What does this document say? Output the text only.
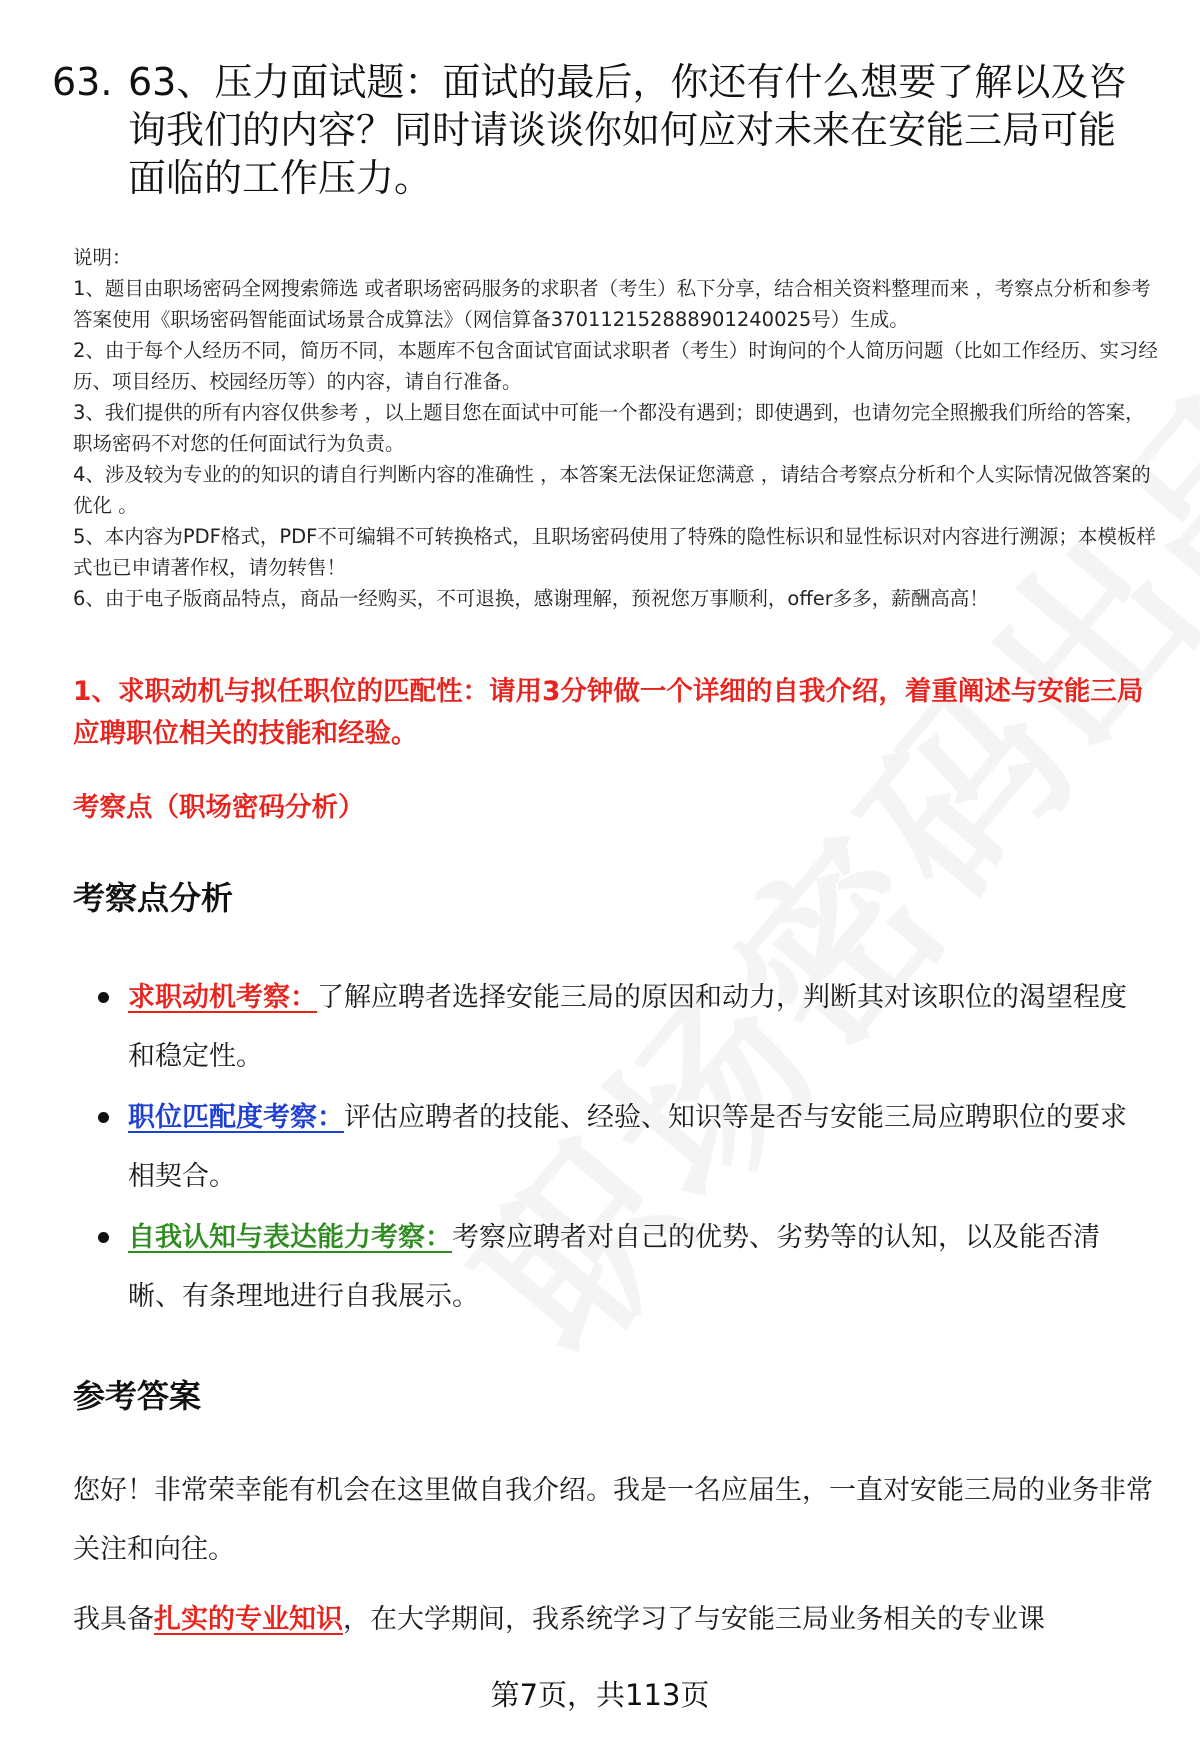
63. 63、压力面试题：面试的最后，你还有什么想要了解以及咨询我们的内容？同时请谈谈你如何应对未来在安能三局可能面临的工作压力。

说明：

1、题目由职场密码全网搜索筛选 或者职场密码服务的求职者（考生）私下分享，结合相关资料整理而来 ，考察点分析和参考答案使用《职场密码智能面试场景合成算法》（网信算备370112152888901240025号）生成。

2、由于每个人经历不同，简历不同，本题库不包含面试官面试求职者（考生）时询问的个人简历问题（比如工作经历、实习经历、项目经历、校园经历等）的内容，请自行准备。

3、我们提供的所有内容仅供参考 ，以上题目您在面试中可能一个都没有遇到；即使遇到，也请勿完全照搬我们所给的答案，职场密码不对您的任何面试行为负责。

4、涉及较为专业的的知识的请自行判断内容的准确性 ，本答案无法保证您满意 ，请结合考察点分析和个人实际情况做答案的优化 。

5、本内容为PDF格式，PDF不可编辑不可转换格式，且职场密码使用了特殊的隐性标识和显性标识对内容进行溯源；本模板样式也已申请著作权，请勿转售！

6、由于电子版商品特点，商品一经购买，不可退换，感谢理解，预祝您万事顺利，offer多多，薪酬高高！

1、求职动机与拟任职位的匹配性：请用3分钟做一个详细的自我介绍，着重阐述与安能三局应聘职位相关的技能和经验。
考察点（职场密码分析）
考察点分析
求职动机考察：了解应聘者选择安能三局的原因和动力，判断其对该职位的渴望程度和稳定性。
职位匹配度考察：评估应聘者的技能、经验、知识等是否与安能三局应聘职位的要求相契合。
自我认知与表达能力考察：考察应聘者对自己的优势、劣势等的认知，以及能否清晰、有条理地进行自我展示。
参考答案
您好！非常荣幸能有机会在这里做自我介绍。我是一名应届生，一直对安能三局的业务非常关注和向往。
我具备扎实的专业知识，在大学期间，我系统学习了与安能三局业务相关的专业课
第7页，共113页
